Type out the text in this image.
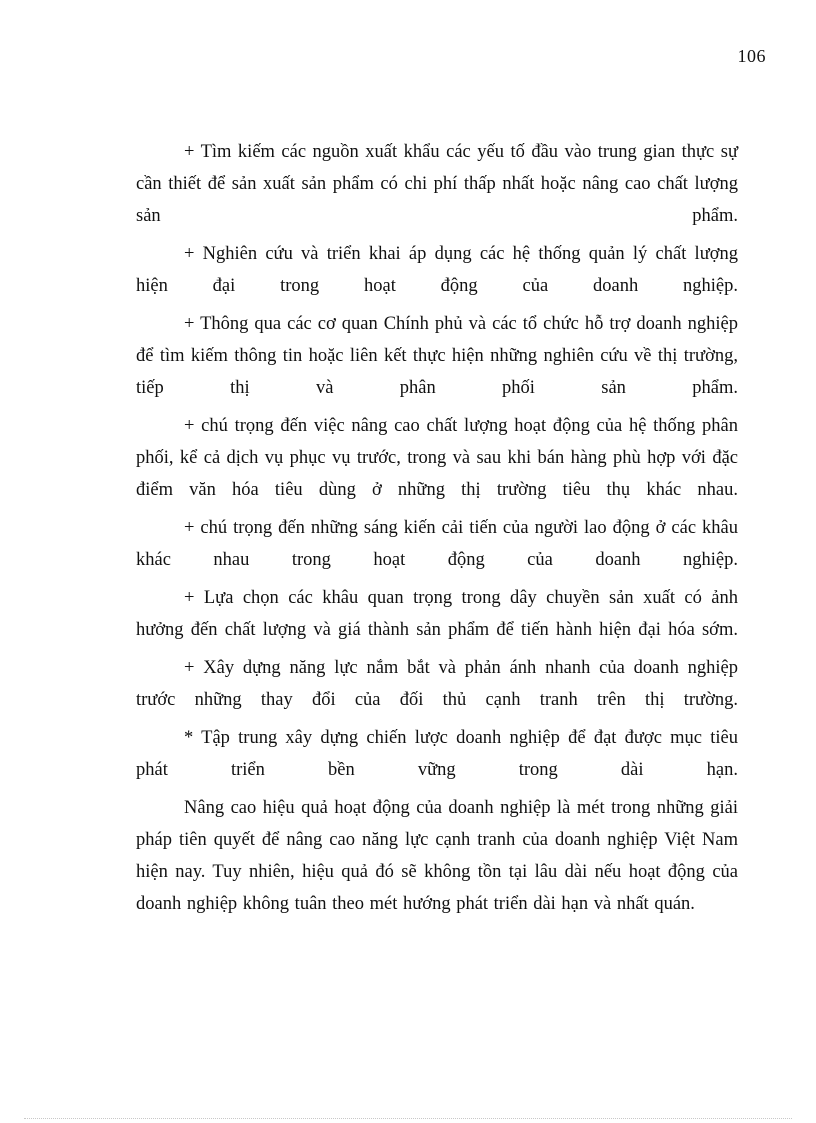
106

+ Tìm kiếm các nguồn xuất khẩu các yếu tố đầu vào trung gian thực sự cần thiết để sản xuất sản phẩm có chi phí thấp nhất hoặc nâng cao chất lượng sản phẩm.

+ Nghiên cứu và triển khai áp dụng các hệ thống quản lý chất lượng hiện đại trong hoạt động của doanh nghiệp.

+ Thông qua các cơ quan Chính phủ và các tổ chức hỗ trợ doanh nghiệp để tìm kiếm thông tin hoặc liên kết thực hiện những nghiên cứu về thị trường, tiếp thị và phân phối sản phẩm.

+ chú trọng đến việc nâng cao chất lượng hoạt động của hệ thống phân phối, kể cả dịch vụ phục vụ trước, trong và sau khi bán hàng phù hợp với đặc điểm văn hóa tiêu dùng ở những thị trường tiêu thụ khác nhau.

+ chú trọng đến những sáng kiến cải tiến của người lao động ở các khâu khác nhau trong hoạt động của doanh nghiệp.

+ Lựa chọn các khâu quan trọng trong dây chuyền sản xuất có ảnh hưởng đến chất lượng và giá thành sản phẩm để tiến hành hiện đại hóa sớm.

+ Xây dựng năng lực nắm bắt và phản ánh nhanh của doanh nghiệp trước những thay đổi của đối thủ cạnh tranh trên thị trường.

* Tập trung xây dựng chiến lược doanh nghiệp để đạt được mục tiêu phát triển bền vững trong dài hạn.

Nâng cao hiệu quả hoạt động của doanh nghiệp là mét trong những giải pháp tiên quyết để nâng cao năng lực cạnh tranh của doanh nghiệp Việt Nam hiện nay. Tuy nhiên, hiệu quả đó sẽ không tồn tại lâu dài nếu hoạt động của doanh nghiệp không tuân theo mét hướng phát triển dài hạn và nhất quán.
